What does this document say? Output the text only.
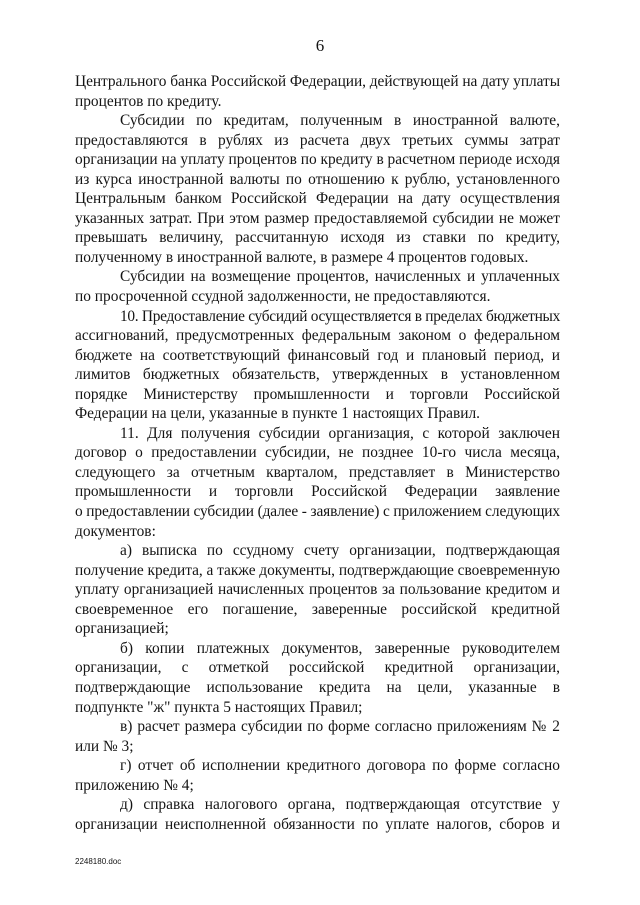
6
Центрального банка Российской Федерации, действующей на дату уплаты
процентов по кредиту.
Субсидии по кредитам, полученным в иностранной валюте,
предоставляются в рублях из расчета двух третьих суммы затрат
организации на уплату процентов по кредиту в расчетном периоде исходя
из курса иностранной валюты по отношению к рублю, установленного
Центральным банком Российской Федерации на дату осуществления
указанных затрат. При этом размер предоставляемой субсидии не может
превышать величину, рассчитанную исходя из ставки по кредиту,
полученному в иностранной валюте, в размере 4 процентов годовых.
Субсидии на возмещение процентов, начисленных и уплаченных
по просроченной ссудной задолженности, не предоставляются.
10. Предоставление субсидий осуществляется в пределах бюджетных
ассигнований, предусмотренных федеральным законом о федеральном
бюджете на соответствующий финансовый год и плановый период, и
лимитов бюджетных обязательств, утвержденных в установленном
порядке Министерству промышленности и торговли Российской
Федерации на цели, указанные в пункте 1 настоящих Правил.
11. Для получения субсидии организация, с которой заключен
договор о предоставлении субсидии, не позднее 10-го числа месяца,
следующего за отчетным кварталом, представляет в Министерство
промышленности и торговли Российской Федерации заявление
о предоставлении субсидии (далее - заявление) с приложением следующих
документов:
а) выписка по ссудному счету организации, подтверждающая
получение кредита, а также документы, подтверждающие своевременную
уплату организацией начисленных процентов за пользование кредитом и
своевременное его погашение, заверенные российской кредитной
организацией;
б) копии платежных документов, заверенные руководителем
организации, с отметкой российской кредитной организации,
подтверждающие использование кредита на цели, указанные в
подпункте "ж" пункта 5 настоящих Правил;
в) расчет размера субсидии по форме согласно приложениям № 2
или № 3;
г) отчет об исполнении кредитного договора по форме согласно
приложению № 4;
д) справка налогового органа, подтверждающая отсутствие у
организации неисполненной обязанности по уплате налогов, сборов и
2248180.doc
